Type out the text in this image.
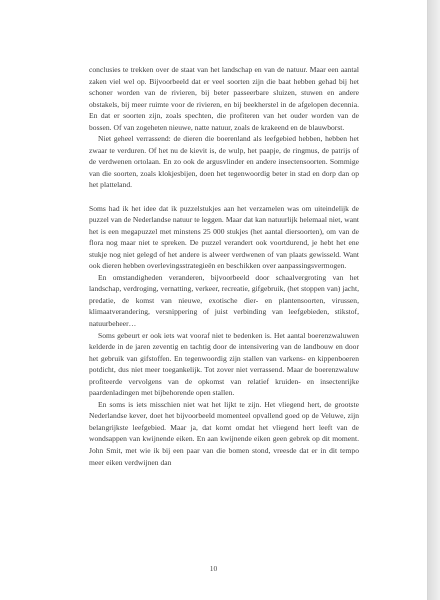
conclusies te trekken over de staat van het landschap en van de natuur. Maar een aantal zaken viel wel op. Bijvoorbeeld dat er veel soorten zijn die baat hebben gehad bij het schoner worden van de rivieren, bij beter passeerbare sluizen, stuwen en andere obstakels, bij meer ruimte voor de rivieren, en bij beekherstel in de afgelopen decennia. En dat er soorten zijn, zoals spechten, die profiteren van het ouder worden van de bossen. Of van zogeheten nieuwe, natte natuur, zoals de krakeend en de blauwborst.

Niet geheel verrassend: de dieren die boerenland als leefgebied hebben, hebben het zwaar te verduren. Of het nu de kievit is, de wulp, het paapje, de ringmus, de patrijs of de verdwenen ortolaan. En zo ook de argusvlinder en andere insectensoorten. Sommige van die soorten, zoals klokjesbijen, doen het tegenwoordig beter in stad en dorp dan op het platteland.

Soms had ik het idee dat ik puzzelstukjes aan het verzamelen was om uiteindelijk de puzzel van de Nederlandse natuur te leggen. Maar dat kan natuurlijk helemaal niet, want het is een megapuzzel met minstens 25 000 stukjes (het aantal diersoorten), om van de flora nog maar niet te spreken. De puzzel verandert ook voortdurend, je hebt het ene stukje nog niet gelegd of het andere is alweer verdwenen of van plaats gewisseld. Want ook dieren hebben overlevingsstrategieën en beschikken over aanpassingsvermogen.

En omstandigheden veranderen, bijvoorbeeld door schaalvergroting van het landschap, verdroging, vernatting, verkeer, recreatie, gifgebruik, (het stoppen van) jacht, predatie, de komst van nieuwe, exotische dier- en plantensoorten, virussen, klimaatverandering, versnippering of juist verbinding van leefgebieden, stikstof, natuurbeheer…

Soms gebeurt er ook iets wat vooraf niet te bedenken is. Het aantal boerenzwaluwen kelderde in de jaren zeventig en tachtig door de intensivering van de landbouw en door het gebruik van gifstoffen. En tegenwoordig zijn stallen van varkens- en kippenboeren potdicht, dus niet meer toegankelijk. Tot zover niet verrassend. Maar de boerenzwaluw profiteerde vervolgens van de opkomst van relatief kruiden- en insectenrijke paardenladingen met bijbehorende open stallen.

En soms is iets misschien niet wat het lijkt te zijn. Het vliegend hert, de grootste Nederlandse kever, doet het bijvoorbeeld momenteel opvallend goed op de Veluwe, zijn belangrijkste leefgebied. Maar ja, dat komt omdat het vliegend hert leeft van de wondsappen van kwijnende eiken. En aan kwijnende eiken geen gebrek op dit moment. John Smit, met wie ik bij een paar van die bomen stond, vreesde dat er in dit tempo meer eiken verdwijnen dan

10
